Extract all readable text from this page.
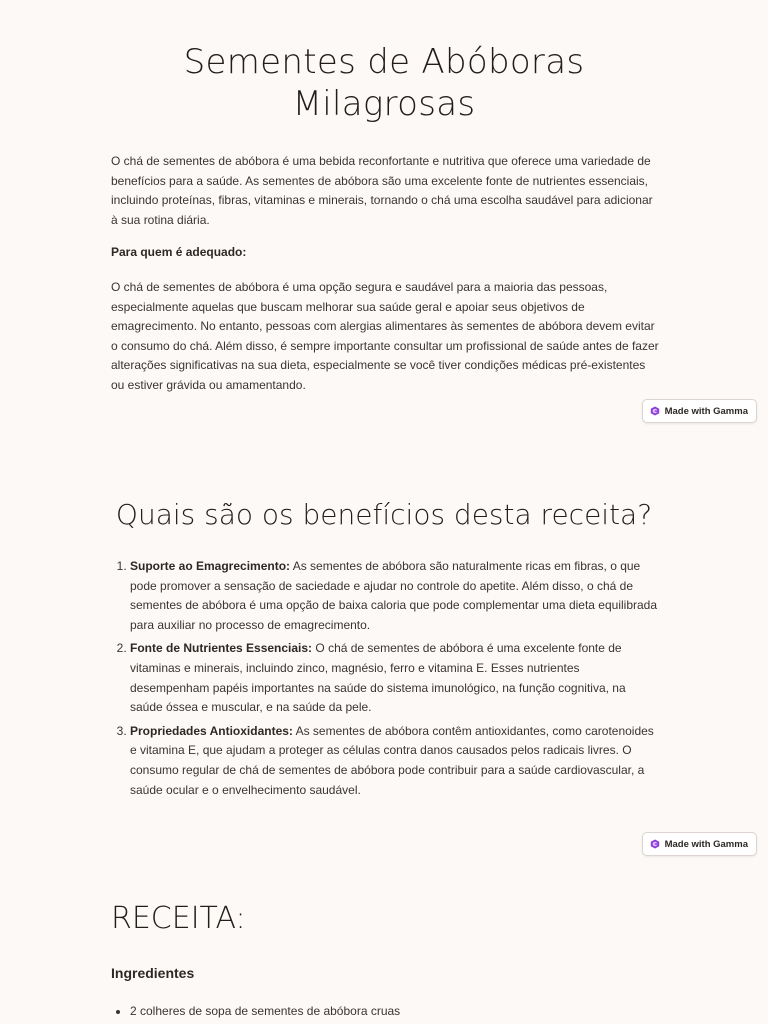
Sementes de Abóboras
Milagrosas

O chá de sementes de abóbora é uma bebida reconfortante e nutritiva que oferece uma variedade de benefícios para a saúde. As sementes de abóbora são uma excelente fonte de nutrientes essenciais, incluindo proteínas, fibras, vitaminas e minerais, tornando o chá uma escolha saudável para adicionar à sua rotina diária.

Para quem é adequado:

O chá de sementes de abóbora é uma opção segura e saudável para a maioria das pessoas, especialmente aquelas que buscam melhorar sua saúde geral e apoiar seus objetivos de emagrecimento. No entanto, pessoas com alergias alimentares às sementes de abóbora devem evitar o consumo do chá. Além disso, é sempre importante consultar um profissional de saúde antes de fazer alterações significativas na sua dieta, especialmente se você tiver condições médicas pré-existentes ou estiver grávida ou amamentando.

Made with Gamma
Quais são os benefícios desta receita?
1. Suporte ao Emagrecimento: As sementes de abóbora são naturalmente ricas em fibras, o que pode promover a sensação de saciedade e ajudar no controle do apetite. Além disso, o chá de sementes de abóbora é uma opção de baixa caloria que pode complementar uma dieta equilibrada para auxiliar no processo de emagrecimento.
2. Fonte de Nutrientes Essenciais: O chá de sementes de abóbora é uma excelente fonte de vitaminas e minerais, incluindo zinco, magnésio, ferro e vitamina E. Esses nutrientes desempenham papéis importantes na saúde do sistema imunológico, na função cognitiva, na saúde óssea e muscular, e na saúde da pele.
3. Propriedades Antioxidantes: As sementes de abóbora contêm antioxidantes, como carotenoides e vitamina E, que ajudam a proteger as células contra danos causados pelos radicais livres. O consumo regular de chá de sementes de abóbora pode contribuir para a saúde cardiovascular, a saúde ocular e o envelhecimento saudável.
Made with Gamma
RECEITA:

Ingredientes

• 2 colheres de sopa de sementes de abóbora cruas
